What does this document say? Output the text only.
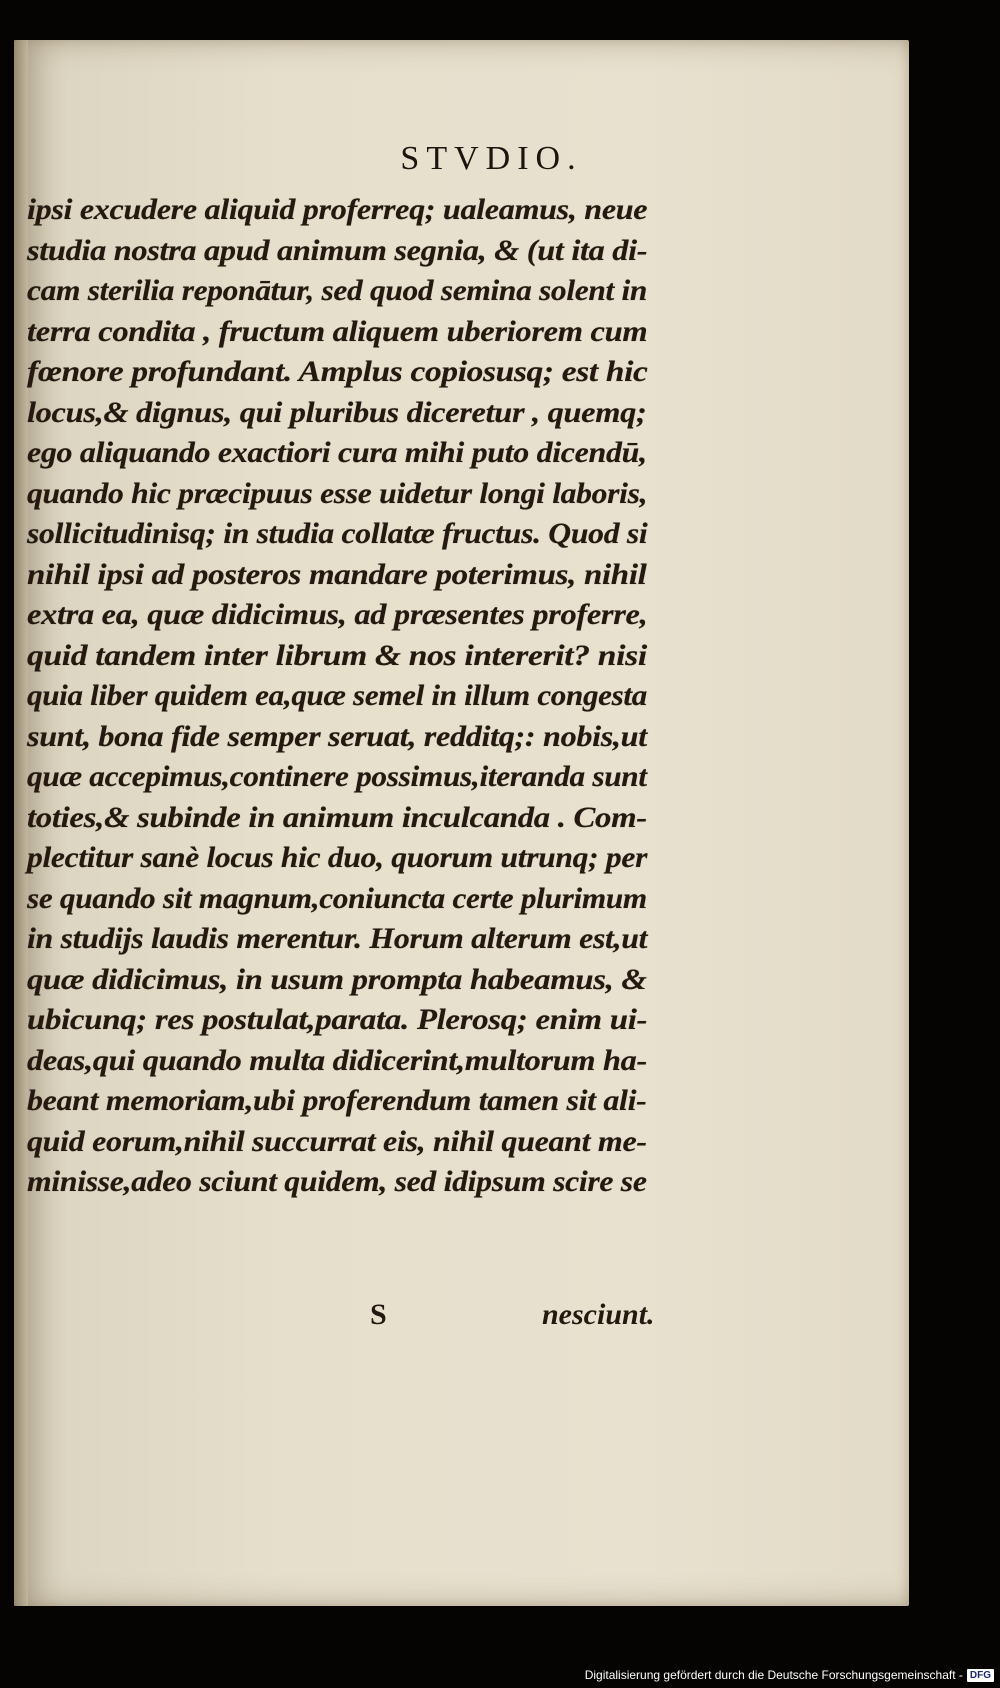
STVDIO.
ipsi excudere aliquid proferreq; ualeamus, neue
studia nostra apud animum segnia, & (ut ita di-
cam sterilia reponātur, sed quod semina solent in
terra condita , fructum aliquem uberiorem cum
fœnore profundant. Amplus copiosusq; est hic
locus,& dignus, qui pluribus diceretur , quemq;
ego aliquando exactiori cura mihi puto dicendū,
quando hic præcipuus esse uidetur longi laboris,
sollicitudinisq; in studia collatæ fructus. Quod si
nihil ipsi ad posteros mandare poterimus, nihil
extra ea, quæ didicimus, ad præsentes proferre,
quid tandem inter librum & nos intererit? nisi
quia liber quidem ea,quæ semel in illum congesta
sunt, bona fide semper seruat, redditq;: nobis,ut
quæ accepimus,continere possimus,iteranda sunt
toties,& subinde in animum inculcanda . Com-
plectitur sanè locus hic duo, quorum utrunq; per
se quando sit magnum,coniuncta certe plurimum
in studijs laudis merentur. Horum alterum est,ut
quæ didicimus, in usum prompta habeamus, &
ubicunq; res postulat,parata. Plerosq; enim ui-
deas,qui quando multa didicerint,multorum ha-
beant memoriam,ubi proferendum tamen sit ali-
quid eorum,nihil succurrat eis, nihil queant me-
minisse,adeo sciunt quidem, sed idipsum scire se
S	nesciunt.
Digitalisierung gefördert durch die Deutsche Forschungsgemeinschaft - DFG
